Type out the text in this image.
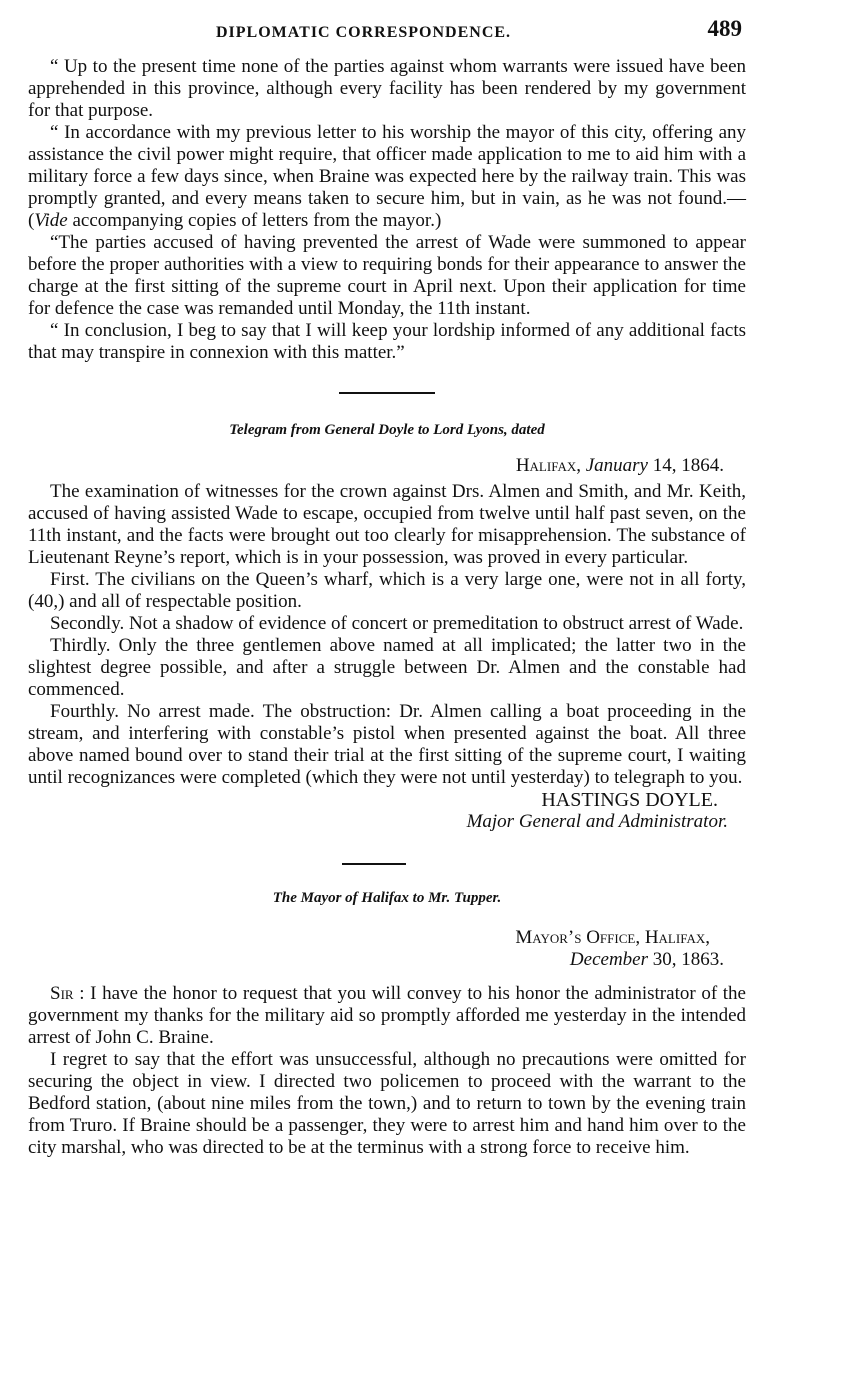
DIPLOMATIC CORRESPONDENCE.	489

“ Up to the present time none of the parties against whom warrants were issued have been apprehended in this province, although every facility has been rendered by my government for that purpose.

“ In accordance with my previous letter to his worship the mayor of this city, offering any assistance the civil power might require, that officer made application to me to aid him with a military force a few days since, when Braine was expected here by the railway train. This was promptly granted, and every means taken to secure him, but in vain, as he was not found.—(Vide accompanying copies of letters from the mayor.)

“The parties accused of having prevented the arrest of Wade were summoned to appear before the proper authorities with a view to requiring bonds for their appearance to answer the charge at the first sitting of the supreme court in April next. Upon their application for time for defence the case was remanded until Monday, the 11th instant.

“ In conclusion, I beg to say that I will keep your lordship informed of any additional facts that may transpire in connexion with this matter.”

Telegram from General Doyle to Lord Lyons, dated
Halifax, January 14, 1864.

The examination of witnesses for the crown against Drs. Almen and Smith, and Mr. Keith, accused of having assisted Wade to escape, occupied from twelve until half past seven, on the 11th instant, and the facts were brought out too clearly for misapprehension. The substance of Lieutenant Reyne’s report, which is in your possession, was proved in every particular.

First. The civilians on the Queen’s wharf, which is a very large one, were not in all forty, (40,) and all of respectable position.

Secondly. Not a shadow of evidence of concert or premeditation to obstruct arrest of Wade.

Thirdly. Only the three gentlemen above named at all implicated; the latter two in the slightest degree possible, and after a struggle between Dr. Almen and the constable had commenced.

Fourthly. No arrest made. The obstruction: Dr. Almen calling a boat proceeding in the stream, and interfering with constable’s pistol when presented against the boat. All three above named bound over to stand their trial at the first sitting of the supreme court, I waiting until recognizances were completed (which they were not until yesterday) to telegraph to you.

HASTINGS DOYLE.
Major General and Administrator.
The Mayor of Halifax to Mr. Tupper.
Mayor’s Office, Halifax,
December 30, 1863.

Sir : I have the honor to request that you will convey to his honor the administrator of the government my thanks for the military aid so promptly afforded me yesterday in the intended arrest of John C. Braine.

I regret to say that the effort was unsuccessful, although no precautions were omitted for securing the object in view. I directed two policemen to proceed with the warrant to the Bedford station, (about nine miles from the town,) and to return to town by the evening train from Truro. If Braine should be a passenger, they were to arrest him and hand him over to the city marshal, who was directed to be at the terminus with a strong force to receive him.
